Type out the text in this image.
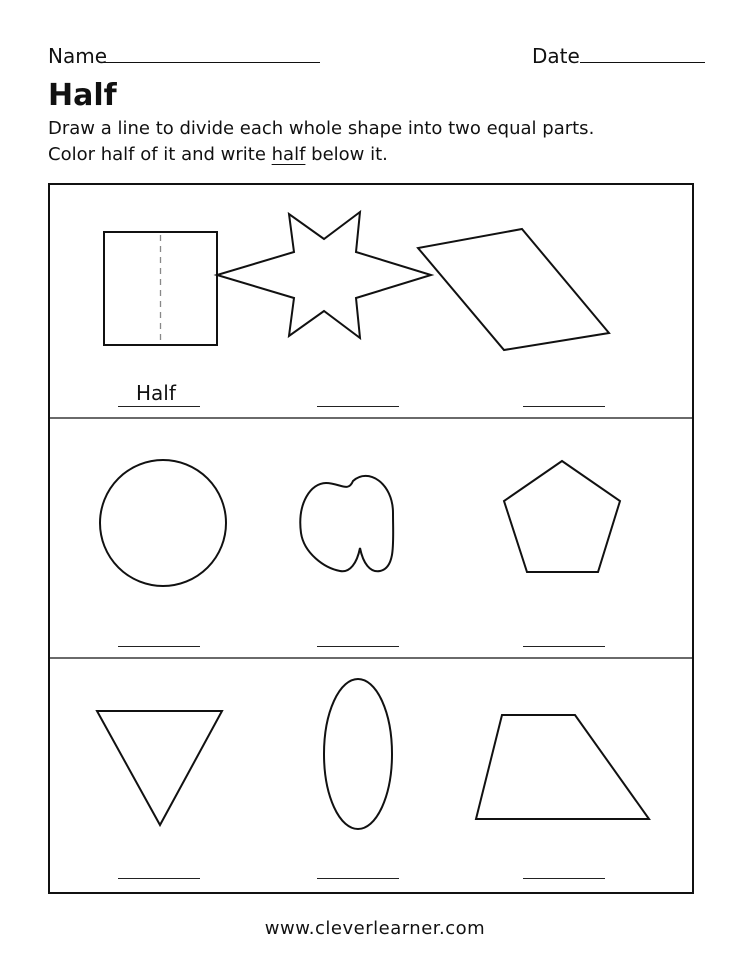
Name	Date
Half
Draw a line to divide each whole shape into two equal parts.
Color half of it and write half below it.
Half
www.cleverlearner.com
